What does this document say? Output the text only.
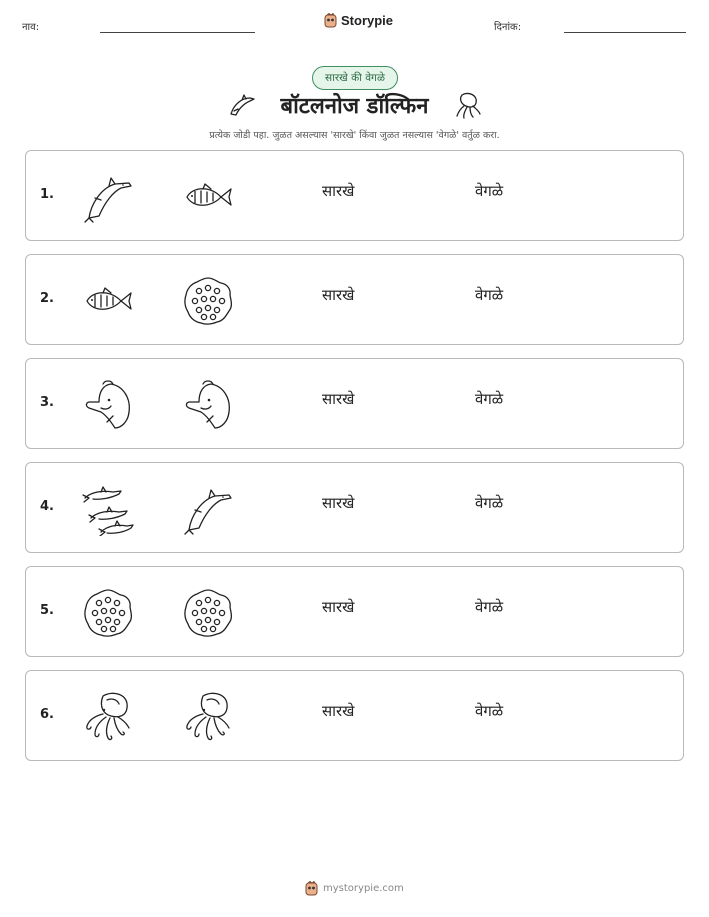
नाव:	Storypie	दिनांक:
सारखे की वेगळे
बॉटलनोज डॉल्फिन
प्रत्येक जोडी पहा. जुळत असल्यास 'सारखे' किंवा जुळत नसल्यास 'वेगळे' वर्तुळ करा.
1.	सारखे	वेगळे
2.	सारखे	वेगळे
3.	सारखे	वेगळे
4.	सारखे	वेगळे
5.	सारखे	वेगळे
6.	सारखे	वेगळे
mystorypie.com
